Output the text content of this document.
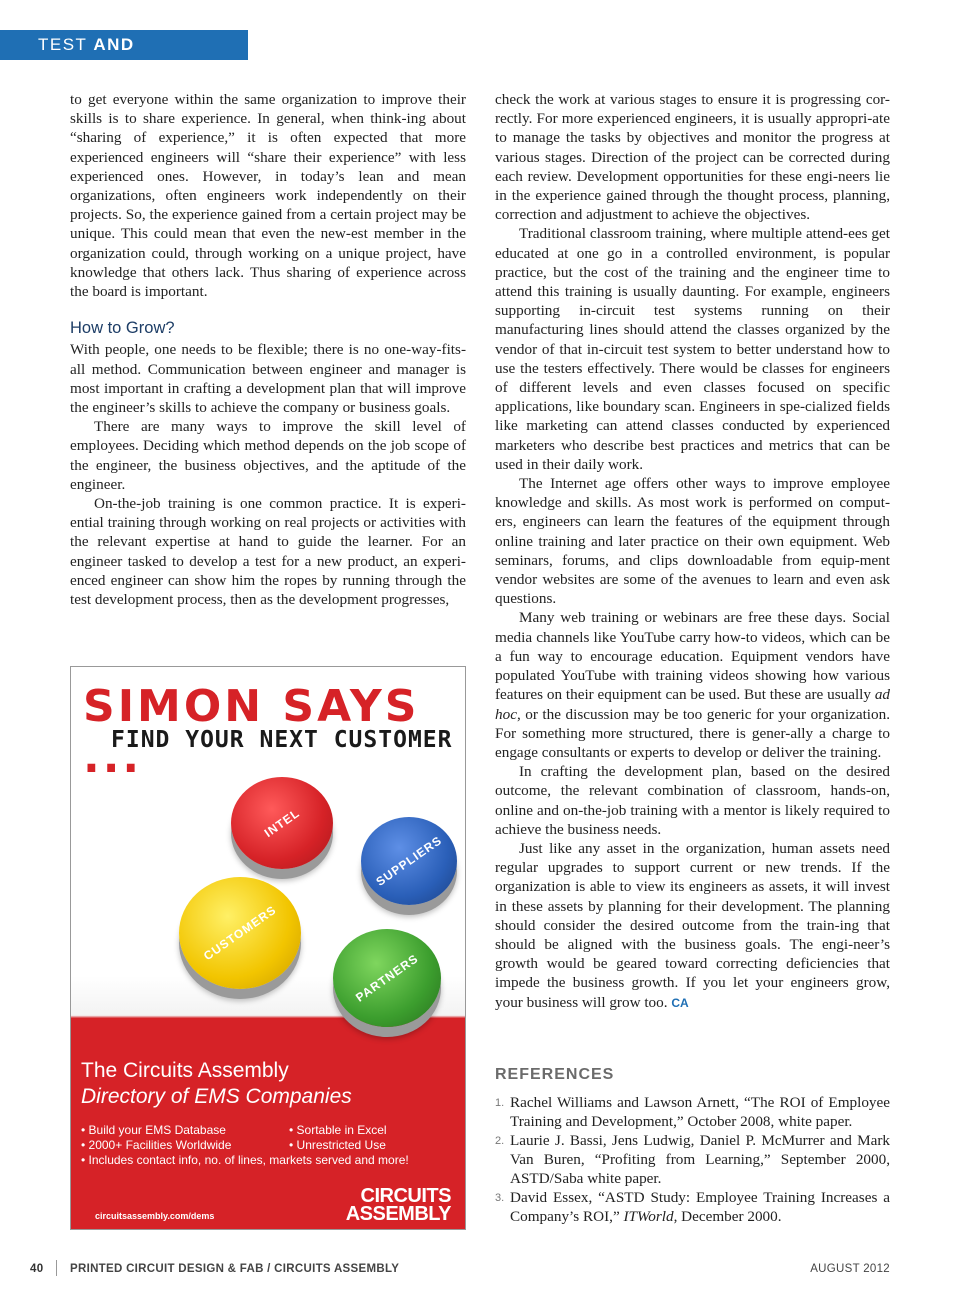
TEST AND INSPECTION

to get everyone within the same organization to improve their skills is to share experience. In general, when think-ing about “sharing of experience,” it is often expected that more experienced engineers will “share their experience” with less experienced ones. However, in today’s lean and mean organizations, often engineers work independently on their projects. So, the experience gained from a certain project may be unique. This could mean that even the new-est member in the organization could, through working on a unique project, have knowledge that others lack. Thus sharing of experience across the board is important.

How to Grow?

With people, one needs to be flexible; there is no one-way-fits-all method. Communication between engineer and manager is most important in crafting a development plan that will improve the engineer’s skills to achieve the company or business goals.

There are many ways to improve the skill level of employees. Deciding which method depends on the job scope of the engineer, the business objectives, and the aptitude of the engineer.

On-the-job training is one common practice. It is experi-ential training through working on real projects or activities with the relevant expertise at hand to guide the learner. For an engineer tasked to develop a test for a new product, an experi-enced engineer can show him the ropes by running through the test development process, then as the development progresses,

check the work at various stages to ensure it is progressing cor-rectly. For more experienced engineers, it is usually appropri-ate to manage the tasks by objectives and monitor the progress at various stages. Direction of the project can be corrected during each review. Development opportunities for these engi-neers lie in the experience gained through the thought process, planning, correction and adjustment to achieve the objectives.

Traditional classroom training, where multiple attend-ees get educated at one go in a controlled environment, is popular practice, but the cost of the training and the engineer time to attend this training is usually daunting. For example, engineers supporting in-circuit test systems running on their manufacturing lines should attend the classes organized by the vendor of that in-circuit test system to better understand how to use the testers effectively. There would be classes for engineers of different levels and even classes focused on specific applications, like boundary scan. Engineers in spe-cialized fields like marketing can attend classes conducted by experienced marketers who describe best practices and metrics that can be used in their daily work.

The Internet age offers other ways to improve employee knowledge and skills. As most work is performed on comput-ers, engineers can learn the features of the equipment through online training and later practice on their own equipment. Web seminars, forums, and clips downloadable from equip-ment vendor websites are some of the avenues to learn and even ask questions.

Many web training or webinars are free these days. Social media channels like YouTube carry how-to videos, which can be a fun way to encourage education. Equipment vendors have populated YouTube with training videos showing how various features on their equipment can be used. But these are usually ad hoc, or the discussion may be too generic for your organization. For something more structured, there is gener-ally a charge to engage consultants or experts to develop or deliver the training.

In crafting the development plan, based on the desired outcome, the relevant combination of classroom, hands-on, online and on-the-job training with a mentor is likely required to achieve the business needs.

Just like any asset in the organization, human assets need regular upgrades to support current or new trends. If the organization is able to view its engineers as assets, it will invest in these assets by planning for their development. The planning should consider the desired outcome from the train-ing that should be aligned with the business goals. The engi-neer’s growth would be geared toward correcting deficiencies that impede the business growth. If you let your engineers grow, your business will grow too. CA

SIMON SAYS ...
FIND YOUR NEXT CUSTOMER
INTEL
SUPPLIERS
CUSTOMERS
PARTNERS
The Circuits Assembly
Directory of EMS Companies
• Build your EMS Database	• Sortable in Excel
• 2000+ Facilities Worldwide	• Unrestricted Use
• Includes contact info, no. of lines, markets served and more!
circuitsassembly.com/dems
CIRCUITS
ASSEMBLY
REFERENCES
1. Rachel Williams and Lawson Arnett, “The ROI of Employee Training and Development,” October 2008, white paper.
2. Laurie J. Bassi, Jens Ludwig, Daniel P. McMurrer and Mark Van Buren, “Profiting from Learning,” September 2000, ASTD/Saba white paper.
3. David Essex, “ASTD Study: Employee Training Increases a Company’s ROI,” ITWorld, December 2000.
40 PRINTED CIRCUIT DESIGN & FAB / CIRCUITS ASSEMBLY	AUGUST 2012
